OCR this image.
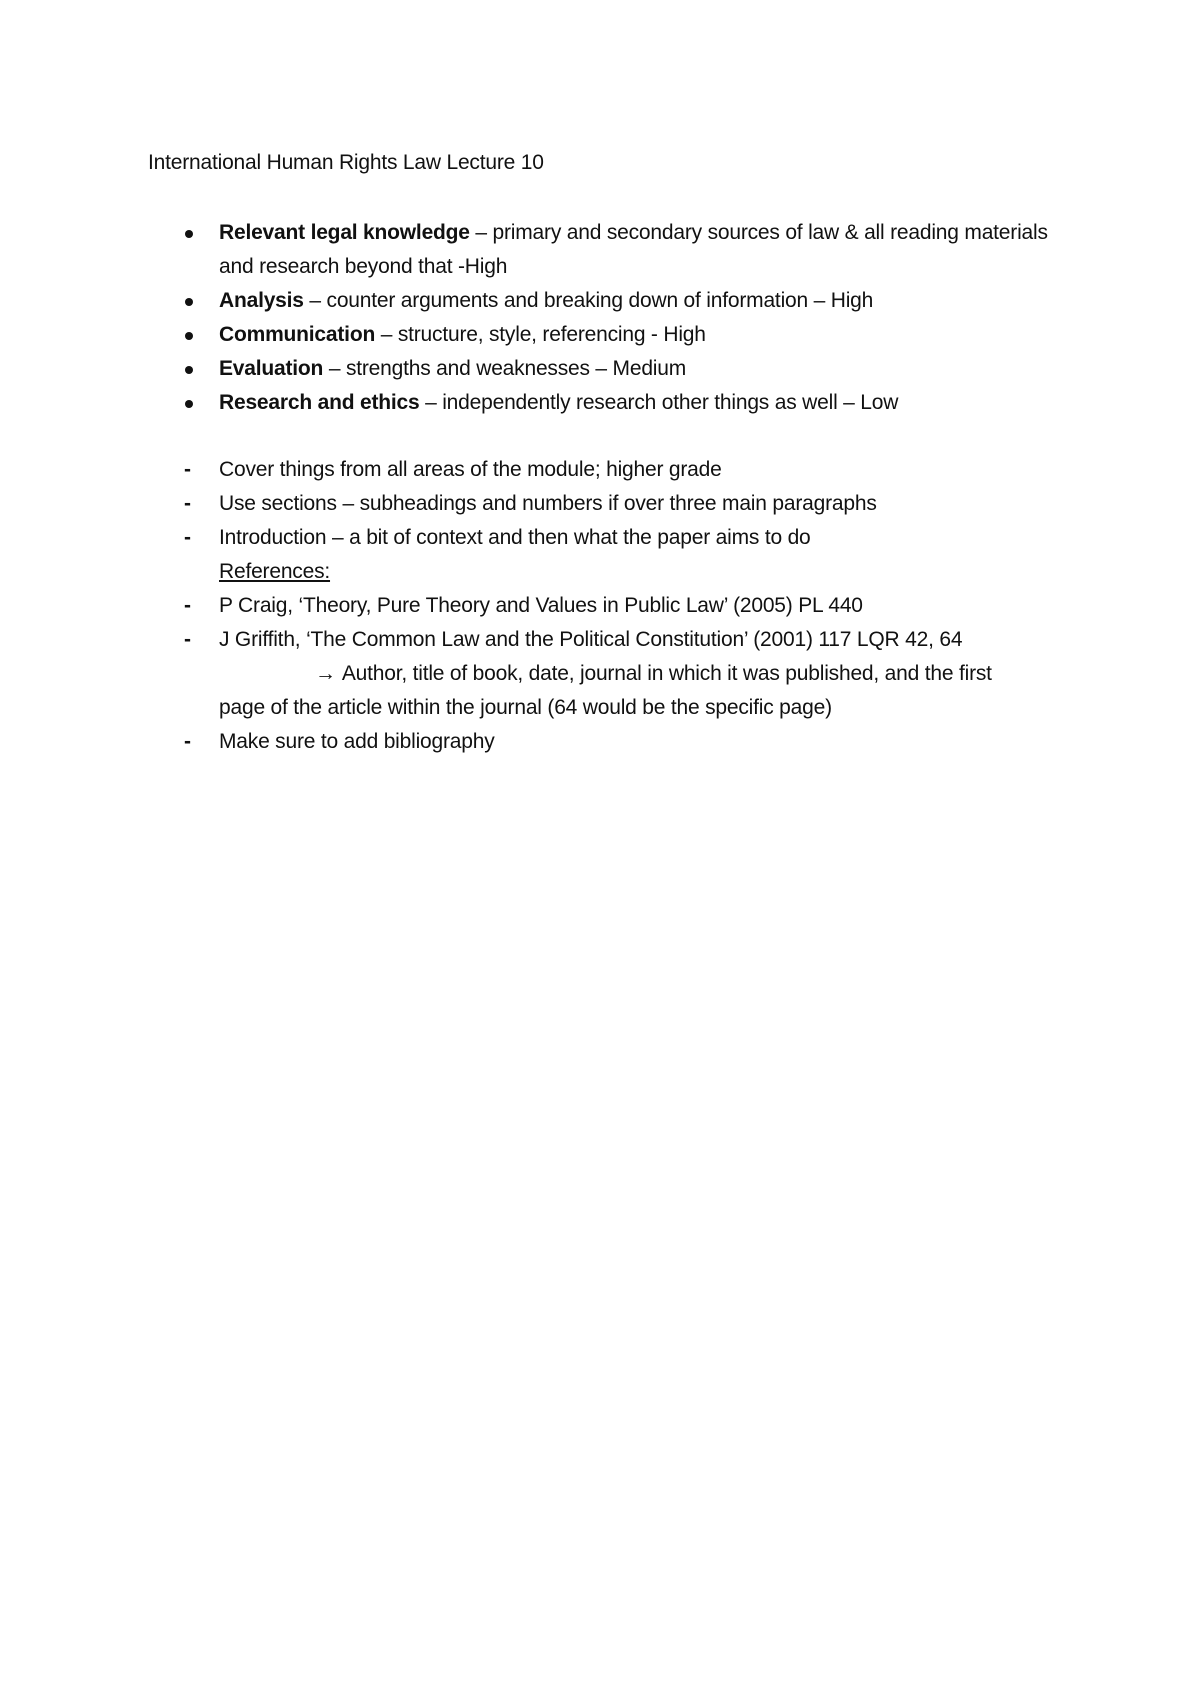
International Human Rights Law Lecture 10
Relevant legal knowledge – primary and secondary sources of law & all reading materials and research beyond that -High
Analysis – counter arguments and breaking down of information – High
Communication – structure, style, referencing - High
Evaluation – strengths and weaknesses – Medium
Research and ethics – independently research other things as well – Low
- Cover things from all areas of the module; higher grade
- Use sections – subheadings and numbers if over three main paragraphs
- Introduction – a bit of context and then what the paper aims to do
References:
- P Craig, ‘Theory, Pure Theory and Values in Public Law’ (2005) PL 440
- J Griffith, ‘The Common Law and the Political Constitution’ (2001) 117 LQR 42, 64
→ Author, title of book, date, journal in which it was published, and the first
page of the article within the journal (64 would be the specific page)
- Make sure to add bibliography
